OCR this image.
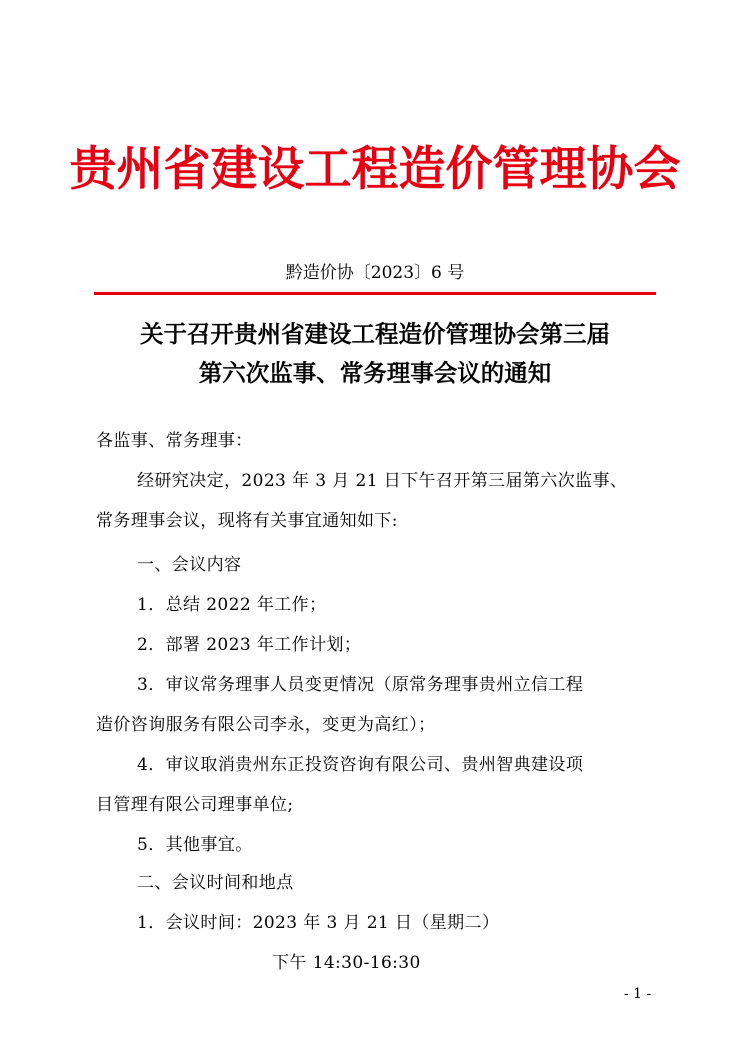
贵州省建设工程造价管理协会
黔造价协〔2023〕6 号
关于召开贵州省建设工程造价管理协会第三届
第六次监事、常务理事会议的通知
各监事、常务理事：
经研究决定，2023 年 3 月 21 日下午召开第三届第六次监事、
常务理事会议，现将有关事宜通知如下:
一、会议内容
1．总结 2022 年工作；
2．部署 2023 年工作计划；
3．审议常务理事人员变更情况（原常务理事贵州立信工程
造价咨询服务有限公司李永，变更为高红）；
4．审议取消贵州东正投资咨询有限公司、贵州智典建设项
目管理有限公司理事单位;
5．其他事宜。
二、会议时间和地点
1．会议时间：2023 年 3 月 21 日（星期二）
下午 14:30-16:30
- 1 -
